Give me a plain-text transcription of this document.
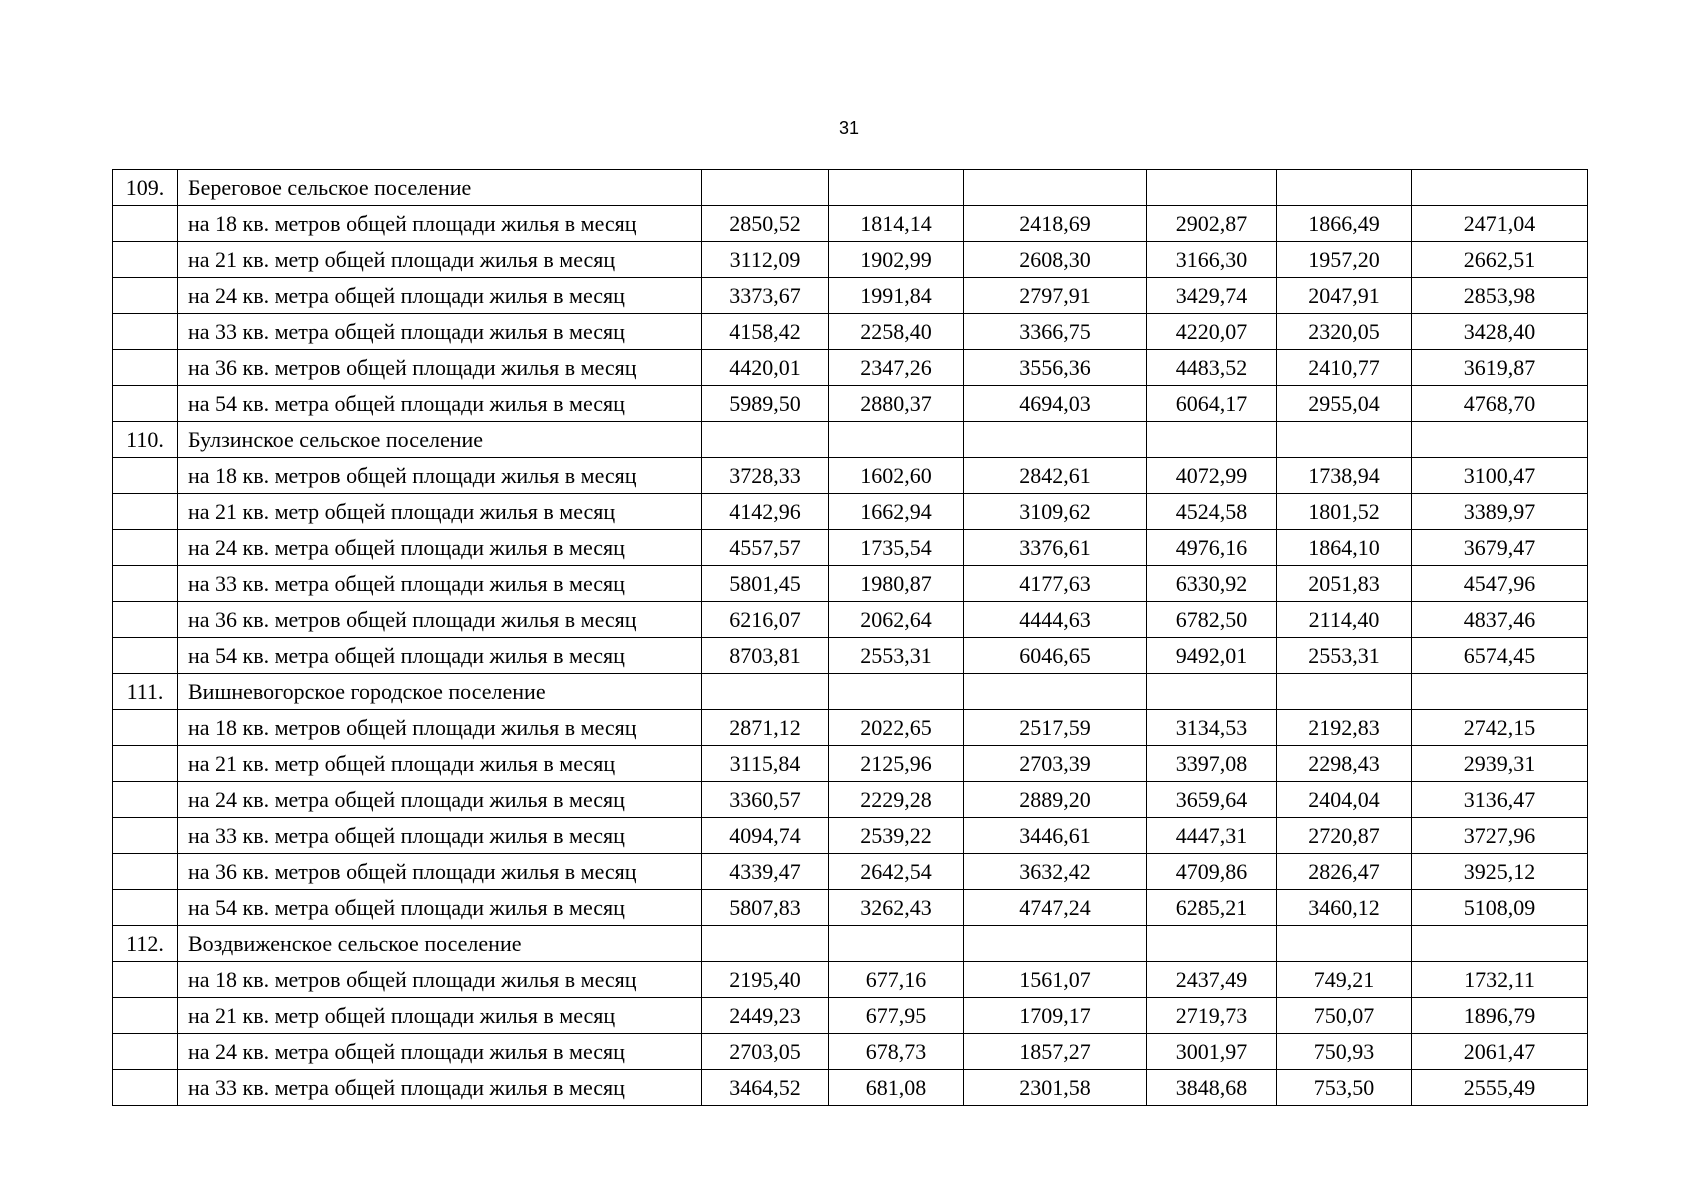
31
109.	Береговое сельское поселение						
	на 18 кв. метров общей площади жилья в месяц	2850,52	1814,14	2418,69	2902,87	1866,49	2471,04
	на 21 кв. метр общей площади жилья в месяц	3112,09	1902,99	2608,30	3166,30	1957,20	2662,51
	на 24 кв. метра общей площади жилья в месяц	3373,67	1991,84	2797,91	3429,74	2047,91	2853,98
	на 33 кв. метра общей площади жилья в месяц	4158,42	2258,40	3366,75	4220,07	2320,05	3428,40
	на 36 кв. метров общей площади жилья в месяц	4420,01	2347,26	3556,36	4483,52	2410,77	3619,87
	на 54 кв. метра общей площади жилья в месяц	5989,50	2880,37	4694,03	6064,17	2955,04	4768,70
110.	Булзинское сельское поселение						
	на 18 кв. метров общей площади жилья в месяц	3728,33	1602,60	2842,61	4072,99	1738,94	3100,47
	на 21 кв. метр общей площади жилья в месяц	4142,96	1662,94	3109,62	4524,58	1801,52	3389,97
	на 24 кв. метра общей площади жилья в месяц	4557,57	1735,54	3376,61	4976,16	1864,10	3679,47
	на 33 кв. метра общей площади жилья в месяц	5801,45	1980,87	4177,63	6330,92	2051,83	4547,96
	на 36 кв. метров общей площади жилья в месяц	6216,07	2062,64	4444,63	6782,50	2114,40	4837,46
	на 54 кв. метра общей площади жилья в месяц	8703,81	2553,31	6046,65	9492,01	2553,31	6574,45
111.	Вишневогорское городское поселение						
	на 18 кв. метров общей площади жилья в месяц	2871,12	2022,65	2517,59	3134,53	2192,83	2742,15
	на 21 кв. метр общей площади жилья в месяц	3115,84	2125,96	2703,39	3397,08	2298,43	2939,31
	на 24 кв. метра общей площади жилья в месяц	3360,57	2229,28	2889,20	3659,64	2404,04	3136,47
	на 33 кв. метра общей площади жилья в месяц	4094,74	2539,22	3446,61	4447,31	2720,87	3727,96
	на 36 кв. метров общей площади жилья в месяц	4339,47	2642,54	3632,42	4709,86	2826,47	3925,12
	на 54 кв. метра общей площади жилья в месяц	5807,83	3262,43	4747,24	6285,21	3460,12	5108,09
112.	Воздвиженское сельское поселение						
	на 18 кв. метров общей площади жилья в месяц	2195,40	677,16	1561,07	2437,49	749,21	1732,11
	на 21 кв. метр общей площади жилья в месяц	2449,23	677,95	1709,17	2719,73	750,07	1896,79
	на 24 кв. метра общей площади жилья в месяц	2703,05	678,73	1857,27	3001,97	750,93	2061,47
	на 33 кв. метра общей площади жилья в месяц	3464,52	681,08	2301,58	3848,68	753,50	2555,49
